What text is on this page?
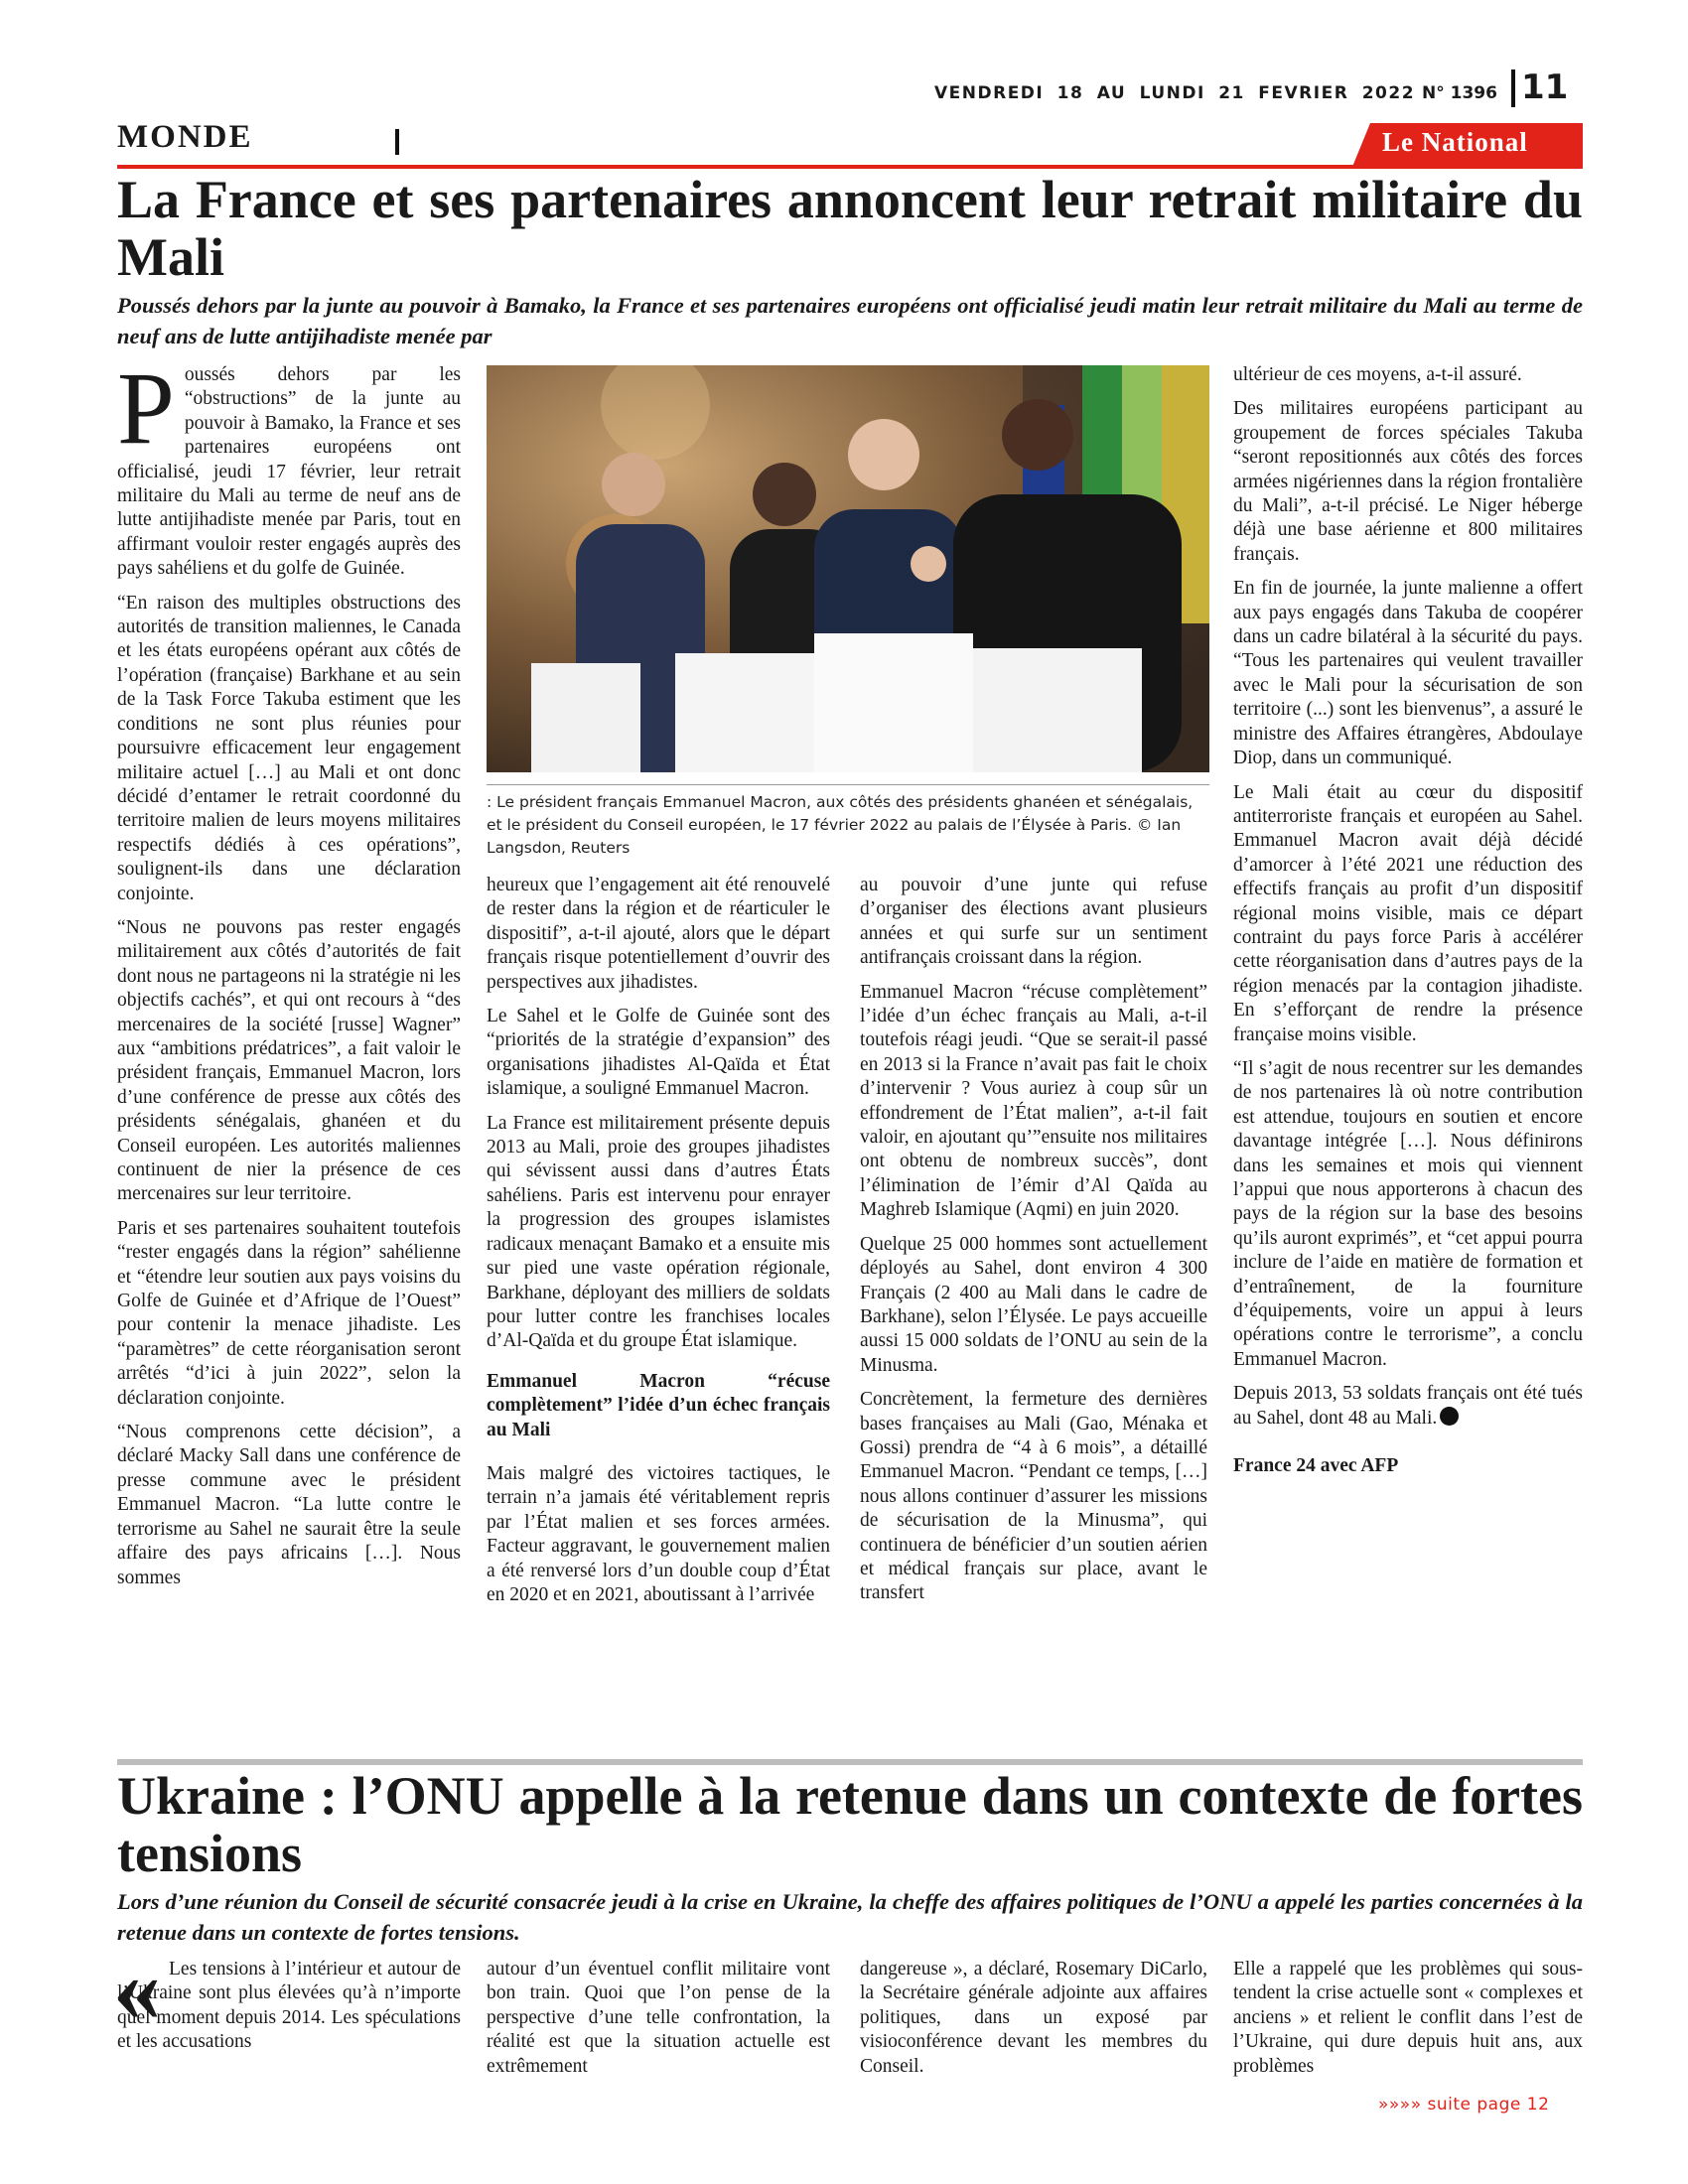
VENDREDI 18 AU LUNDI 21 FEVRIER 2022 N° 1396 11
MONDE	Le National
La France et ses partenaires annoncent leur retrait militaire du Mali
Poussés dehors par la junte au pouvoir à Bamako, la France et ses partenaires européens ont officialisé jeudi matin leur retrait militaire du Mali au terme de neuf ans de lutte antijihadiste menée par

Poussés dehors par les “obstructions” de la junte au pouvoir à Bamako, la France et ses partenaires européens ont officialisé, jeudi 17 février, leur retrait militaire du Mali au terme de neuf ans de lutte antijihadiste menée par Paris, tout en affirmant vouloir rester engagés auprès des pays sahéliens et du golfe de Guinée.

“En raison des multiples obstructions des autorités de transition maliennes, le Canada et les états européens opérant aux côtés de l’opération (française) Barkhane et au sein de la Task Force Takuba estiment que les conditions ne sont plus réunies pour poursuivre efficacement leur engagement militaire actuel […] au Mali et ont donc décidé d’entamer le retrait coordonné du territoire malien de leurs moyens militaires respectifs dédiés à ces opérations”, soulignent-ils dans une déclaration conjointe.

“Nous ne pouvons pas rester engagés militairement aux côtés d’autorités de fait dont nous ne partageons ni la stratégie ni les objectifs cachés”, et qui ont recours à “des mercenaires de la société [russe] Wagner” aux “ambitions prédatrices”, a fait valoir le président français, Emmanuel Macron, lors d’une conférence de presse aux côtés des présidents sénégalais, ghanéen et du Conseil européen. Les autorités maliennes continuent de nier la présence de ces mercenaires sur leur territoire.

Paris et ses partenaires souhaitent toutefois “rester engagés dans la région” sahélienne et “étendre leur soutien aux pays voisins du Golfe de Guinée et d’Afrique de l’Ouest” pour contenir la menace jihadiste. Les “paramètres” de cette réorganisation seront arrêtés “d’ici à juin 2022”, selon la déclaration conjointe.

“Nous comprenons cette décision”, a déclaré Macky Sall dans une conférence de presse commune avec le président Emmanuel Macron. “La lutte contre le terrorisme au Sahel ne saurait être la seule affaire des pays africains […]. Nous sommes

: Le président français Emmanuel Macron, aux côtés des présidents ghanéen et sénégalais, et le président du Conseil européen, le 17 février 2022 au palais de l’Élysée à Paris. © Ian Langsdon, Reuters

heureux que l’engagement ait été renouvelé de rester dans la région et de réarticuler le dispositif”, a-t-il ajouté, alors que le départ français risque potentiellement d’ouvrir des perspectives aux jihadistes.

Le Sahel et le Golfe de Guinée sont des “priorités de la stratégie d’expansion” des organisations jihadistes Al-Qaïda et État islamique, a souligné Emmanuel Macron.

La France est militairement présente depuis 2013 au Mali, proie des groupes jihadistes qui sévissent aussi dans d’autres États sahéliens. Paris est intervenu pour enrayer la progression des groupes islamistes radicaux menaçant Bamako et a ensuite mis sur pied une vaste opération régionale, Barkhane, déployant des milliers de soldats pour lutter contre les franchises locales d’Al-Qaïda et du groupe État islamique.

Emmanuel Macron “récuse complètement” l’idée d’un échec français au Mali

Mais malgré des victoires tactiques, le terrain n’a jamais été véritablement repris par l’État malien et ses forces armées. Facteur aggravant, le gouvernement malien a été renversé lors d’un double coup d’État en 2020 et en 2021, aboutissant à l’arrivée

au pouvoir d’une junte qui refuse d’organiser des élections avant plusieurs années et qui surfe sur un sentiment antifrançais croissant dans la région.

Emmanuel Macron “récuse complètement” l’idée d’un échec français au Mali, a-t-il toutefois réagi jeudi. “Que se serait-il passé en 2013 si la France n’avait pas fait le choix d’intervenir ? Vous auriez à coup sûr un effondrement de l’État malien”, a-t-il fait valoir, en ajoutant qu’”ensuite nos militaires ont obtenu de nombreux succès”, dont l’élimination de l’émir d’Al Qaïda au Maghreb Islamique (Aqmi) en juin 2020.

Quelque 25 000 hommes sont actuellement déployés au Sahel, dont environ 4 300 Français (2 400 au Mali dans le cadre de Barkhane), selon l’Élysée. Le pays accueille aussi 15 000 soldats de l’ONU au sein de la Minusma.

Concrètement, la fermeture des dernières bases françaises au Mali (Gao, Ménaka et Gossi) prendra de “4 à 6 mois”, a détaillé Emmanuel Macron. “Pendant ce temps, […] nous allons continuer d’assurer les missions de sécurisation de la Minusma”, qui continuera de bénéficier d’un soutien aérien et médical français sur place, avant le transfert

ultérieur de ces moyens, a-t-il assuré.

Des militaires européens participant au groupement de forces spéciales Takuba “seront repositionnés aux côtés des forces armées nigériennes dans la région frontalière du Mali”, a-t-il précisé. Le Niger héberge déjà une base aérienne et 800 militaires français.

En fin de journée, la junte malienne a offert aux pays engagés dans Takuba de coopérer dans un cadre bilatéral à la sécurité du pays. “Tous les partenaires qui veulent travailler avec le Mali pour la sécurisation de son territoire (...) sont les bienvenus”, a assuré le ministre des Affaires étrangères, Abdoulaye Diop, dans un communiqué.

Le Mali était au cœur du dispositif antiterroriste français et européen au Sahel. Emmanuel Macron avait déjà décidé d’amorcer à l’été 2021 une réduction des effectifs français au profit d’un dispositif régional moins visible, mais ce départ contraint du pays force Paris à accélérer cette réorganisation dans d’autres pays de la région menacés par la contagion jihadiste. En s’efforçant de rendre la présence française moins visible.

“Il s’agit de nous recentrer sur les demandes de nos partenaires là où notre contribution est attendue, toujours en soutien et encore davantage intégrée […]. Nous définirons dans les semaines et mois qui viennent l’appui que nous apporterons à chacun des pays de la région sur la base des besoins qu’ils auront exprimés”, et “cet appui pourra inclure de l’aide en matière de formation et d’entraînement, de la fourniture d’équipements, voire un appui à leurs opérations contre le terrorisme”, a conclu Emmanuel Macron.

Depuis 2013, 53 soldats français ont été tués au Sahel, dont 48 au Mali.

France 24 avec AFP

Ukraine : l’ONU appelle à la retenue dans un contexte de fortes tensions
Lors d’une réunion du Conseil de sécurité consacrée jeudi à la crise en Ukraine, la cheffe des affaires politiques de l’ONU a appelé les parties concernées à la retenue dans un contexte de fortes tensions.
« Les tensions à l’intérieur et autour de l’Ukraine sont plus élevées qu’à n’importe quel moment depuis 2014. Les spéculations et les accusations

autour d’un éventuel conflit militaire vont bon train. Quoi que l’on pense de la perspective d’une telle confrontation, la réalité est que la situation actuelle est extrêmement

dangereuse », a déclaré, Rosemary DiCarlo, la Secrétaire générale adjointe aux affaires politiques, dans un exposé par visioconférence devant les membres du Conseil.

Elle a rappelé que les problèmes qui sous-tendent la crise actuelle sont « complexes et anciens » et relient le conflit dans l’est de l’Ukraine, qui dure depuis huit ans, aux problèmes

»»»» suite page 12
